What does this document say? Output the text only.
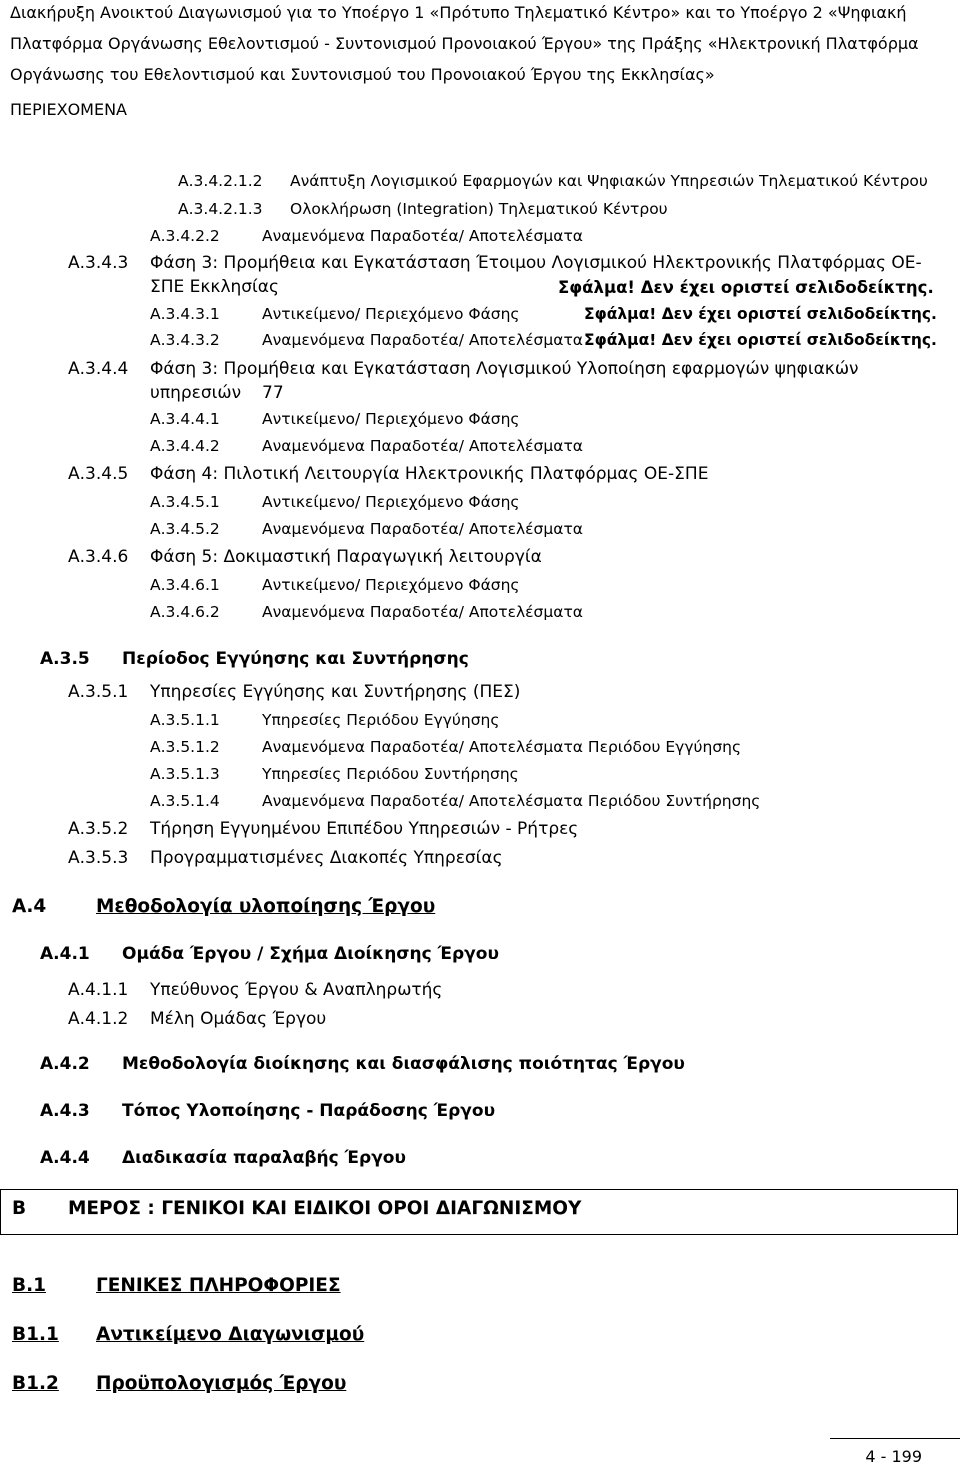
Διακήρυξη Ανοικτού Διαγωνισμού για το Υποέργο 1 «Πρότυπο Τηλεματικό Κέντρο» και το Υποέργο 2 «Ψηφιακή
Πλατφόρμα Οργάνωσης Εθελοντισμού - Συντονισμού Προνοιακού Έργου» της Πράξης «Ηλεκτρονική Πλατφόρμα
Οργάνωσης του Εθελοντισμού και Συντονισμού του Προνοιακού Έργου της Εκκλησίας»
ΠΕΡΙΕΧΟΜΕΝΑ
Α.3.4.2.1.2 Ανάπτυξη Λογισμικού Εφαρμογών και Ψηφιακών Υπηρεσιών Τηλεματικού Κέντρου
Α.3.4.2.1.3 Ολοκλήρωση (Integration) Τηλεματικού Κέντρου
Α.3.4.2.2	Αναμενόμενα Παραδοτέα/ Αποτελέσματα
Α.3.4.3 Φάση 3: Προμήθεια και Εγκατάσταση Έτοιμου Λογισμικού Ηλεκτρονικής Πλατφόρμας ΟΕ-
ΣΠΕ Εκκλησίας	Σφάλμα! Δεν έχει οριστεί σελιδοδείκτης.
Α.3.4.3.1	Αντικείμενο/ Περιεχόμενο Φάσης	Σφάλμα! Δεν έχει οριστεί σελιδοδείκτης.
Α.3.4.3.2	Αναμενόμενα Παραδοτέα/ Αποτελέσματα Σφάλμα! Δεν έχει οριστεί σελιδοδείκτης.
Α.3.4.4 Φάση 3: Προμήθεια και Εγκατάσταση Λογισμικού Υλοποίηση εφαρμογών ψηφιακών
υπηρεσιών 77
Α.3.4.4.1	Αντικείμενο/ Περιεχόμενο Φάσης
Α.3.4.4.2	Αναμενόμενα Παραδοτέα/ Αποτελέσματα
Α.3.4.5 Φάση 4: Πιλοτική Λειτουργία Ηλεκτρονικής Πλατφόρμας ΟΕ-ΣΠΕ
Α.3.4.5.1	Αντικείμενο/ Περιεχόμενο Φάσης
Α.3.4.5.2	Αναμενόμενα Παραδοτέα/ Αποτελέσματα
Α.3.4.6 Φάση 5: Δοκιμαστική Παραγωγική λειτουργία
Α.3.4.6.1	Αντικείμενο/ Περιεχόμενο Φάσης
Α.3.4.6.2	Αναμενόμενα Παραδοτέα/ Αποτελέσματα
Α.3.5 Περίοδος Εγγύησης και Συντήρησης
Α.3.5.1 Υπηρεσίες Εγγύησης και Συντήρησης (ΠΕΣ)
Α.3.5.1.1	Υπηρεσίες Περιόδου Εγγύησης
Α.3.5.1.2	Αναμενόμενα Παραδοτέα/ Αποτελέσματα Περιόδου Εγγύησης
Α.3.5.1.3	Υπηρεσίες Περιόδου Συντήρησης
Α.3.5.1.4	Αναμενόμενα Παραδοτέα/ Αποτελέσματα Περιόδου Συντήρησης
Α.3.5.2 Τήρηση Εγγυημένου Επιπέδου Υπηρεσιών - Ρήτρες
Α.3.5.3 Προγραμματισμένες Διακοπές Υπηρεσίας
Α.4	Μεθοδολογία υλοποίησης Έργου
Α.4.1 Ομάδα Έργου / Σχήμα Διοίκησης Έργου
Α.4.1.1 Υπεύθυνος Έργου & Αναπληρωτής
Α.4.1.2 Μέλη Ομάδας Έργου
Α.4.2 Μεθοδολογία διοίκησης και διασφάλισης ποιότητας Έργου
Α.4.3 Τόπος Υλοποίησης - Παράδοσης Έργου
Α.4.4 Διαδικασία παραλαβής Έργου
Β ΜΕΡΟΣ : ΓΕΝΙΚΟΙ ΚΑΙ ΕΙΔΙΚΟΙ ΟΡΟΙ ΔΙΑΓΩΝΙΣΜΟΥ
Β.1	ΓΕΝΙΚΕΣ ΠΛΗΡΟΦΟΡΙΕΣ
Β1.1 Αντικείμενο Διαγωνισμού
Β1.2 Προϋπολογισμός Έργου
4 - 199
